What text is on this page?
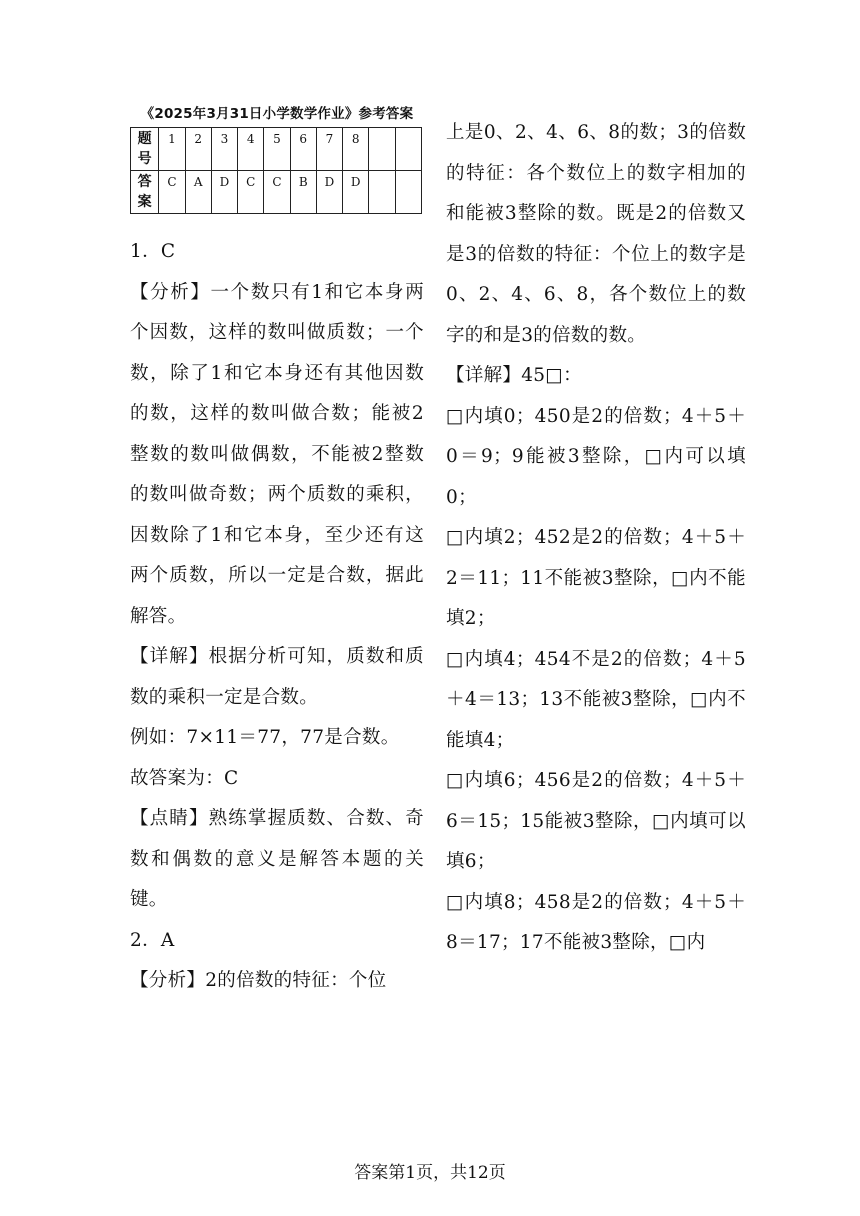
《2025年3月31日小学数学作业》参考答案
题号	1	2	3	4	5	6	7	8		

答案	C	A	D	C	C	B	D	D		

1．C

【分析】一个数只有1和它本身两个因数，这样的数叫做质数；一个数，除了1和它本身还有其他因数的数，这样的数叫做合数；能被2整数的数叫做偶数，不能被2整数的数叫做奇数；两个质数的乘积，因数除了1和它本身，至少还有这两个质数，所以一定是合数，据此解答。

【详解】根据分析可知，质数和质数的乘积一定是合数。

例如：7×11＝77，77是合数。

故答案为：C

【点睛】熟练掌握质数、合数、奇数和偶数的意义是解答本题的关键。

2．A

【分析】2的倍数的特征：个位

上是0、2、4、6、8的数；3的倍数的特征：各个数位上的数字相加的和能被3整除的数。既是2的倍数又是3的倍数的特征：个位上的数字是0、2、4、6、8，各个数位上的数字的和是3的倍数的数。

【详解】45□：

□内填0；450是2的倍数；4＋5＋0＝9；9能被3整除，□内可以填0；

□内填2；452是2的倍数；4＋5＋2＝11；11不能被3整除，□内不能填2；

□内填4；454不是2的倍数；4＋5＋4＝13；13不能被3整除，□内不能填4；

□内填6；456是2的倍数；4＋5＋6＝15；15能被3整除，□内填可以填6；

□内填8；458是2的倍数；4＋5＋8＝17；17不能被3整除，□内

答案第1页，共12页
